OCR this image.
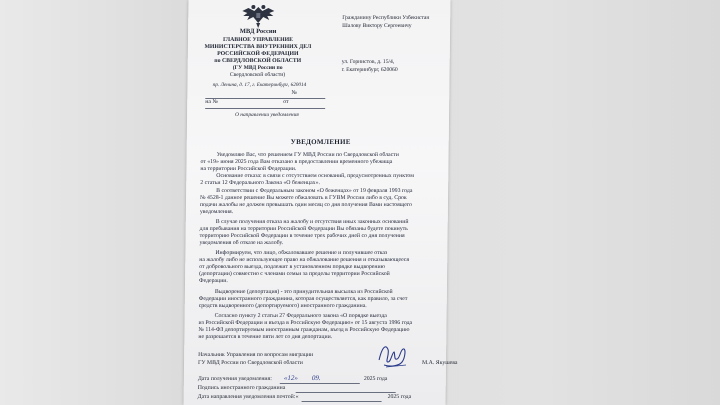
МВД России
ГЛАВНОЕ УПРАВЛЕНИЕ
МИНИСТЕРСТВА ВНУТРЕННИХ ДЕЛ
РОССИЙСКОЙ ФЕДЕРАЦИИ
по СВЕРДЛОВСКОЙ ОБЛАСТИ
(ГУ МВД России по
Свердловской области)
пр. Ленина, д. 17, г. Екатеринбург, 620014
№
на №	от
О направлении уведомления
Гражданину Республики Узбекистан
Шалову Виктору Сергеевичу
ул. Горнистов, д. 15/4,
г. Екатеринбург, 620060
УВЕДОМЛЕНИЕ
Уведомляю Вас, что решением ГУ МВД России по Свердловской области
от «19» июня 2025 года Вам отказано в предоставлении временного убежища
на территории Российской Федерации.
Основание отказа: в связи с отсутствием оснований, предусмотренных пунктом
2 статьи 12 Федерального Закона «О беженцах».
В соответствии с Федеральным законом «О беженцах» от 19 февраля 1993 года
№ 4528-1 данное решение Вы можете обжаловать в ГУВМ России либо в суд. Срок
подачи жалобы не должен превышать один месяц со дня получения Вами настоящего
уведомления.
В случае получения отказа на жалобу и отсутствия иных законных оснований
для пребывания на территории Российской Федерации Вы обязаны будете покинуть
территорию Российской Федерации в течение трех рабочих дней со дня получения
уведомления об отказе на жалобу.
Информируем, что лицо, обжаловавшее решение и получившее отказ
на жалобу либо не использующее право на обжалование решения и отказывающееся
от добровольного выезда, подлежит в установленном порядке выдворению
(депортации) совместно с членами семьи за пределы территории Российской
Федерации.
Выдворение (депортация) - это принудительная высылка из Российской
Федерации иностранного гражданина, которая осуществляется, как правило, за счет
средств выдворенного (депортируемого) иностранного гражданина.
Согласно пункту 2 статьи 27 Федерального закона «О порядке выезда
из Российской Федерации и въезда в Российскую Федерацию» от 15 августа 1996 года
№ 114-ФЗ депортируемым иностранным гражданам, въезд в Российскую Федерацию
не разрешается в течение пяти лет со дня депортации.
Начальник Управления по вопросам миграции
ГУ МВД России по Свердловской области	М.А. Якушева
Дата получения уведомления: «12» 09.	2025 года
Подпись иностранного гражданина
Дата направления уведомления почтой: «	2025 года
